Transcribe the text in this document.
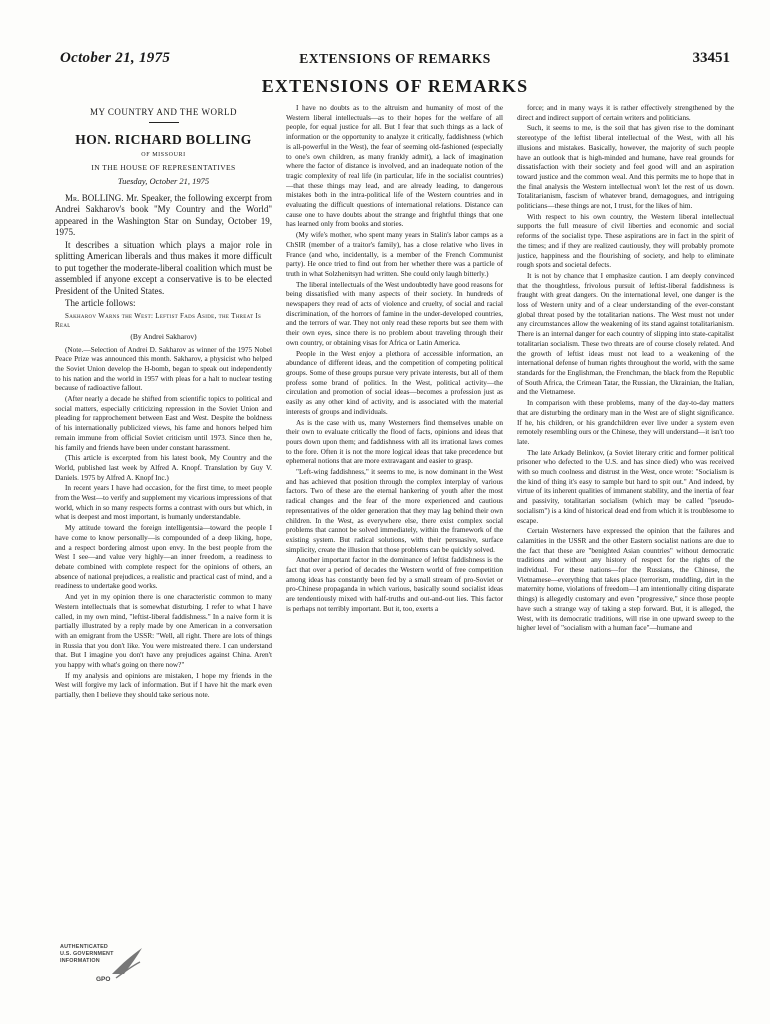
October 21, 1975	EXTENSIONS OF REMARKS	33451
EXTENSIONS OF REMARKS
MY COUNTRY AND THE WORLD
HON. RICHARD BOLLING
OF MISSOURI
IN THE HOUSE OF REPRESENTATIVES
Tuesday, October 21, 1975

Mr. BOLLING. Mr. Speaker, the following excerpt from Andrei Sakharov's book "My Country and the World" appeared in the Washington Star on Sunday, October 19, 1975.

It describes a situation which plays a major role in splitting American liberals and thus makes it more difficult to put together the moderate-liberal coalition which must be assembled if anyone except a conservative is to be elected President of the United States.

The article follows:

Sakharov Warns the West: Leftist Fads Aside, the Threat Is Real

(By Andrei Sakharov)

(Note.—Selection of Andrei D. Sakharov as winner of the 1975 Nobel Peace Prize was announced this month. Sakharov, a physicist who helped the Soviet Union develop the H-bomb, began to speak out independently to his nation and the world in 1957 with pleas for a halt to nuclear testing because of radioactive fallout.

(After nearly a decade he shifted from scientific topics to political and social matters, especially criticizing repression in the Soviet Union and pleading for rapprochement between East and West. Despite the boldness of his internationally publicized views, his fame and honors helped him remain immune from official Soviet criticism until 1973. Since then he, his family and friends have been under constant harassment.

(This article is excerpted from his latest book, My Country and the World, published last week by Alfred A. Knopf. Translation by Guy V. Daniels. 1975 by Alfred A. Knopf Inc.)

In recent years I have had occasion, for the first time, to meet people from the West—to verify and supplement my vicarious impressions of that world, which in so many respects forms a contrast with ours but which, in what is deepest and most important, is humanly understandable.

My attitude toward the foreign intelligentsia—toward the people I have come to know personally—is compounded of a deep liking, hope, and a respect bordering almost upon envy. In the best people from the West I see—and value very highly—an inner freedom, a readiness to debate combined with complete respect for the opinions of others, an absence of national prejudices, a realistic and practical cast of mind, and a readiness to undertake good works.

And yet in my opinion there is one characteristic common to many Western intellectuals that is somewhat disturbing. I refer to what I have called, in my own mind, "leftist-liberal faddishness." In a naive form it is partially illustrated by a reply made by one American in a conversation with an emigrant from the USSR: "Well, all right. There are lots of things in Russia that you don't like. You were mistreated there. I can understand that. But I imagine you don't have any prejudices against China. Aren't you happy with what's going on there now?"

If my analysis and opinions are mistaken, I hope my friends in the West will forgive my lack of information. But if I have hit the mark even partially, then I believe they should take serious note.

I have no doubts as to the altruism and humanity of most of the Western liberal intellectuals—as to their hopes for the welfare of all people, for equal justice for all. But I fear that such things as a lack of information or the opportunity to analyze it critically, faddishness (which is all-powerful in the West), the fear of seeming old-fashioned (especially to one's own children, as many frankly admit), a lack of imagination where the factor of distance is involved, and an inadequate notion of the tragic complexity of real life (in particular, life in the socialist countries)—that these things may lead, and are already leading, to dangerous mistakes both in the intra-political life of the Western countries and in evaluating the difficult questions of international relations. Distance can cause one to have doubts about the strange and frightful things that one has learned only from books and stories.

(My wife's mother, who spent many years in Stalin's labor camps as a ChSIR (member of a traitor's family), has a close relative who lives in France (and who, incidentally, is a member of the French Communist party). He once tried to find out from her whether there was a particle of truth in what Solzhenitsyn had written. She could only laugh bitterly.)

The liberal intellectuals of the West undoubtedly have good reasons for being dissatisfied with many aspects of their society. In hundreds of newspapers they read of acts of violence and cruelty, of social and racial discrimination, of the horrors of famine in the under-developed countries, and the terrors of war. They not only read these reports but see them with their own eyes, since there is no problem about traveling through their own country, or obtaining visas for Africa or Latin America.

People in the West enjoy a plethora of accessible information, an abundance of different ideas, and the competition of competing political groups. Some of these groups pursue very private interests, but all of them profess some brand of politics. In the West, political activity—the circulation and promotion of social ideas—becomes a profession just as easily as any other kind of activity, and is associated with the material interests of groups and individuals.

As is the case with us, many Westerners find themselves unable on their own to evaluate critically the flood of facts, opinions and ideas that pours down upon them; and faddishness with all its irrational laws comes to the fore. Often it is not the more logical ideas that take precedence but ephemeral notions that are more extravagant and easier to grasp.

"Left-wing faddishness," it seems to me, is now dominant in the West and has achieved that position through the complex interplay of various factors. Two of these are the eternal hankering of youth after the most radical changes and the fear of the more experienced and cautious representatives of the older generation that they may lag behind their own children. In the West, as everywhere else, there exist complex social problems that cannot be solved immediately, within the framework of the existing system. But radical solutions, with their persuasive, surface simplicity, create the illusion that those problems can be quickly solved.

Another important factor in the dominance of leftist faddishness is the fact that over a period of decades the Western world of free competition among ideas has constantly been fed by a small stream of pro-Soviet or pro-Chinese propaganda in which various, basically sound socialist ideas are tendentiously mixed with half-truths and out-and-out lies. This factor is perhaps not terribly important. But it, too, exerts a

force; and in many ways it is rather effectively strengthened by the direct and indirect support of certain writers and politicians.

Such, it seems to me, is the soil that has given rise to the dominant stereotype of the leftist liberal intellectual of the West, with all his illusions and mistakes. Basically, however, the majority of such people have an outlook that is high-minded and humane, have real grounds for dissatisfaction with their society and feel good will and an aspiration toward justice and the common weal. And this permits me to hope that in the final analysis the Western intellectual won't let the rest of us down. Totalitarianism, fascism of whatever brand, demagogues, and intriguing politicians—these things are not, I trust, for the likes of him.

With respect to his own country, the Western liberal intellectual supports the full measure of civil liberties and economic and social reforms of the socialist type. These aspirations are in fact in the spirit of the times; and if they are realized cautiously, they will probably promote justice, happiness and the flourishing of society, and help to eliminate rough spots and societal defects.

It is not by chance that I emphasize caution. I am deeply convinced that the thoughtless, frivolous pursuit of leftist-liberal faddishness is fraught with great dangers. On the international level, one danger is the loss of Western unity and of a clear understanding of the ever-constant global threat posed by the totalitarian nations. The West must not under any circumstances allow the weakening of its stand against totalitarianism. There is an internal danger for each country of slipping into state-capitalist totalitarian socialism. These two threats are of course closely related. And the growth of leftist ideas must not lead to a weakening of the international defense of human rights throughout the world, with the same standards for the Englishman, the Frenchman, the black from the Republic of South Africa, the Crimean Tatar, the Russian, the Ukrainian, the Italian, and the Vietnamese.

In comparison with these problems, many of the day-to-day matters that are disturbing the ordinary man in the West are of slight significance. If he, his children, or his grandchildren ever live under a system even remotely resembling ours or the Chinese, they will understand—it isn't too late.

The late Arkady Belinkov, (a Soviet literary critic and former political prisoner who defected to the U.S. and has since died) who was received with so much coolness and distrust in the West, once wrote: "Socialism is the kind of thing it's easy to sample but hard to spit out." And indeed, by virtue of its inherent qualities of immanent stability, and the inertia of fear and passivity, totalitarian socialism (which may be called "pseudo-socialism") is a kind of historical dead end from which it is troublesome to escape.

Certain Westerners have expressed the opinion that the failures and calamities in the USSR and the other Eastern socialist nations are due to the fact that these are "benighted Asian countries" without democratic traditions and without any history of respect for the rights of the individual. For these nations—for the Russians, the Chinese, the Vietnamese—everything that takes place (terrorism, muddling, dirt in the maternity home, violations of freedom—I am intentionally citing disparate things) is allegedly customary and even "progressive," since those people have such a strange way of taking a step forward. But, it is alleged, the West, with its democratic traditions, will rise in one upward sweep to the higher level of "socialism with a human face"—humane and

AUTHENTICATED
U.S. GOVERNMENT
INFORMATION
GPO
